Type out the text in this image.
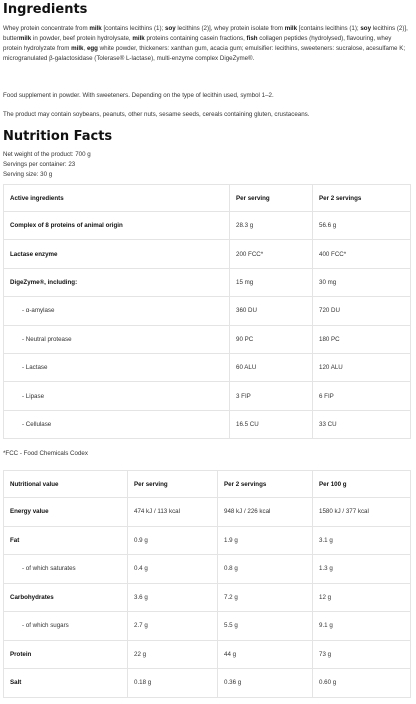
Ingredients
Whey protein concentrate from milk [contains lecithins (1); soy lecithins (2)], whey protein isolate from milk [contains lecithins (1); soy lecithins (2)], buttermilk in powder, beef protein hydrolysate, milk proteins containing casein fractions, fish collagen peptides (hydrolysed), flavouring, whey protein hydrolyzate from milk, egg white powder, thickeners: xanthan gum, acacia gum; emulsifier: lecithins, sweeteners: sucralose, acesulfame K; microgranulated β-galactosidase (Tolerase® L-lactase), multi-enzyme complex DigeZyme®.
Food supplement in powder. With sweeteners. Depending on the type of lecithin used, symbol 1–2.
The product may contain soybeans, peanuts, other nuts, sesame seeds, cereals containing gluten, crustaceans.
Nutrition Facts
Net weight of the product: 700 g
Servings per container: 23
Serving size: 30 g
Active ingredients	Per serving	Per 2 servings
Complex of 8 proteins of animal origin	28.3 g	56.6 g
Lactase enzyme	200 FCC*	400 FCC*
DigeZyme®, including:	15 mg	30 mg
- α-amylase	360 DU	720 DU
- Neutral protease	90 PC	180 PC
- Lactase	60 ALU	120 ALU
- Lipase	3 FIP	6 FIP
- Cellulase	16.5 CU	33 CU
*FCC - Food Chemicals Codex
Nutritional value	Per serving	Per 2 servings	Per 100 g
Energy value	474 kJ / 113 kcal	948 kJ / 226 kcal	1580 kJ / 377 kcal
Fat	0.9 g	1.9 g	3.1 g
- of which saturates	0.4 g	0.8 g	1.3 g
Carbohydrates	3.6 g	7.2 g	12 g
- of which sugars	2.7 g	5.5 g	9.1 g
Protein	22 g	44 g	73 g
Salt	0.18 g	0.36 g	0.60 g
